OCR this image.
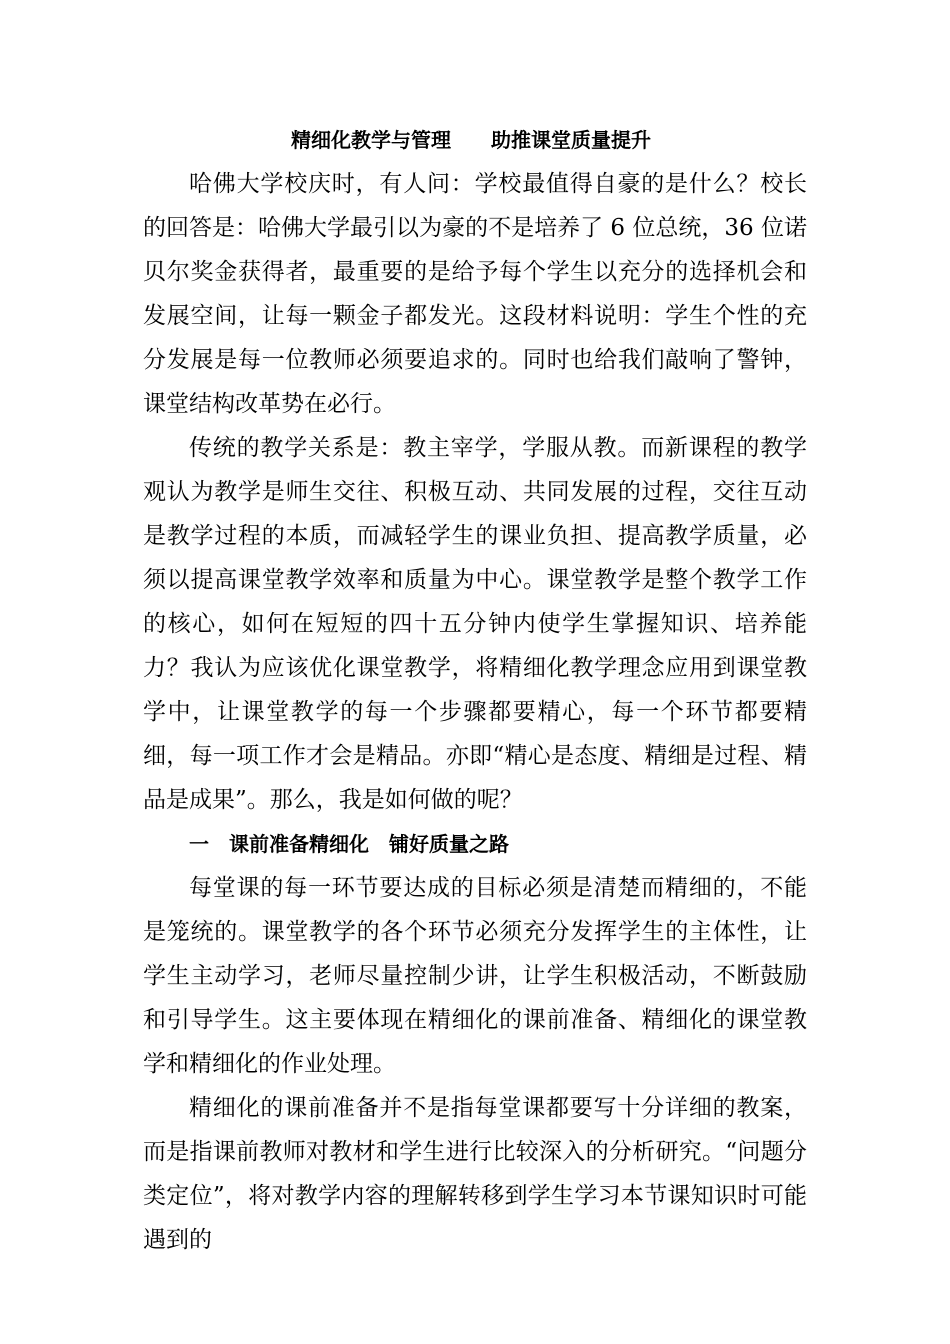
精细化教学与管理　　助推课堂质量提升

哈佛大学校庆时，有人问：学校最值得自豪的是什么？校长的回答是：哈佛大学最引以为豪的不是培养了 6 位总统，36 位诺贝尔奖金获得者，最重要的是给予每个学生以充分的选择机会和发展空间，让每一颗金子都发光。这段材料说明：学生个性的充分发展是每一位教师必须要追求的。同时也给我们敲响了警钟，课堂结构改革势在必行。

传统的教学关系是：教主宰学，学服从教。而新课程的教学观认为教学是师生交往、积极互动、共同发展的过程，交往互动是教学过程的本质，而减轻学生的课业负担、提高教学质量，必须以提高课堂教学效率和质量为中心。课堂教学是整个教学工作的核心，如何在短短的四十五分钟内使学生掌握知识、培养能力？我认为应该优化课堂教学，将精细化教学理念应用到课堂教学中，让课堂教学的每一个步骤都要精心，每一个环节都要精细，每一项工作才会是精品。亦即“精心是态度、精细是过程、精品是成果”。那么，我是如何做的呢？

一　课前准备精细化　铺好质量之路

每堂课的每一环节要达成的目标必须是清楚而精细的，不能是笼统的。课堂教学的各个环节必须充分发挥学生的主体性，让学生主动学习，老师尽量控制少讲，让学生积极活动，不断鼓励和引导学生。这主要体现在精细化的课前准备、精细化的课堂教学和精细化的作业处理。

精细化的课前准备并不是指每堂课都要写十分详细的教案，而是指课前教师对教材和学生进行比较深入的分析研究。“问题分类定位”，将对教学内容的理解转移到学生学习本节课知识时可能遇到的
